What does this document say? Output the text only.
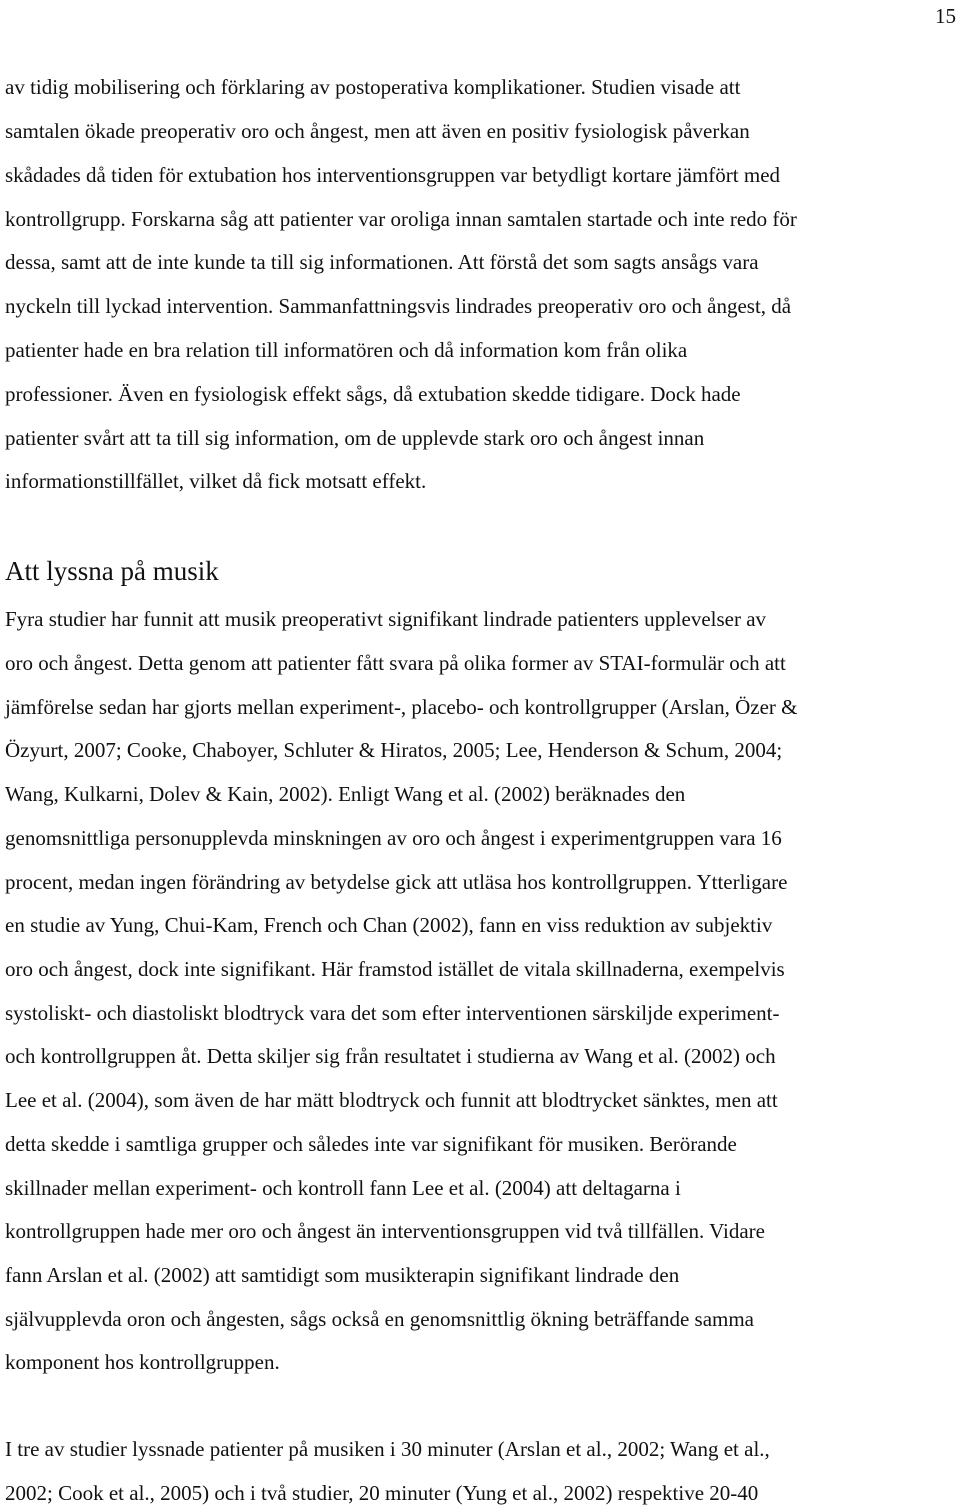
15
av tidig mobilisering och förklaring av postoperativa komplikationer. Studien visade att
samtalen ökade preoperativ oro och ångest, men att även en positiv fysiologisk påverkan
skådades då tiden för extubation hos interventionsgruppen var betydligt kortare jämfört med
kontrollgrupp. Forskarna såg att patienter var oroliga innan samtalen startade och inte redo för
dessa, samt att de inte kunde ta till sig informationen. Att förstå det som sagts ansågs vara
nyckeln till lyckad intervention. Sammanfattningsvis lindrades preoperativ oro och ångest, då
patienter hade en bra relation till informatören och då information kom från olika
professioner. Även en fysiologisk effekt sågs, då extubation skedde tidigare. Dock hade
patienter svårt att ta till sig information, om de upplevde stark oro och ångest innan
informationstillfället, vilket då fick motsatt effekt.
Att lyssna på musik
Fyra studier har funnit att musik preoperativt signifikant lindrade patienters upplevelser av
oro och ångest. Detta genom att patienter fått svara på olika former av STAI-formulär och att
jämförelse sedan har gjorts mellan experiment-, placebo- och kontrollgrupper (Arslan, Özer &
Özyurt, 2007; Cooke, Chaboyer, Schluter & Hiratos, 2005; Lee, Henderson & Schum, 2004;
Wang, Kulkarni, Dolev & Kain, 2002). Enligt Wang et al. (2002) beräknades den
genomsnittliga personupplevda minskningen av oro och ångest i experimentgruppen vara 16
procent, medan ingen förändring av betydelse gick att utläsa hos kontrollgruppen. Ytterligare
en studie av Yung, Chui-Kam, French och Chan (2002), fann en viss reduktion av subjektiv
oro och ångest, dock inte signifikant. Här framstod istället de vitala skillnaderna, exempelvis
systoliskt- och diastoliskt blodtryck vara det som efter interventionen särskiljde experiment-
och kontrollgruppen åt. Detta skiljer sig från resultatet i studierna av Wang et al. (2002) och
Lee et al. (2004), som även de har mätt blodtryck och funnit att blodtrycket sänktes, men att
detta skedde i samtliga grupper och således inte var signifikant för musiken. Berörande
skillnader mellan experiment- och kontroll fann Lee et al. (2004) att deltagarna i
kontrollgruppen hade mer oro och ångest än interventionsgruppen vid två tillfällen. Vidare
fann Arslan et al. (2002) att samtidigt som musikterapin signifikant lindrade den
självupplevda oron och ångesten, sågs också en genomsnittlig ökning beträffande samma
komponent hos kontrollgruppen.
I tre av studier lyssnade patienter på musiken i 30 minuter (Arslan et al., 2002; Wang et al.,
2002; Cook et al., 2005) och i två studier, 20 minuter (Yung et al., 2002) respektive 20-40
